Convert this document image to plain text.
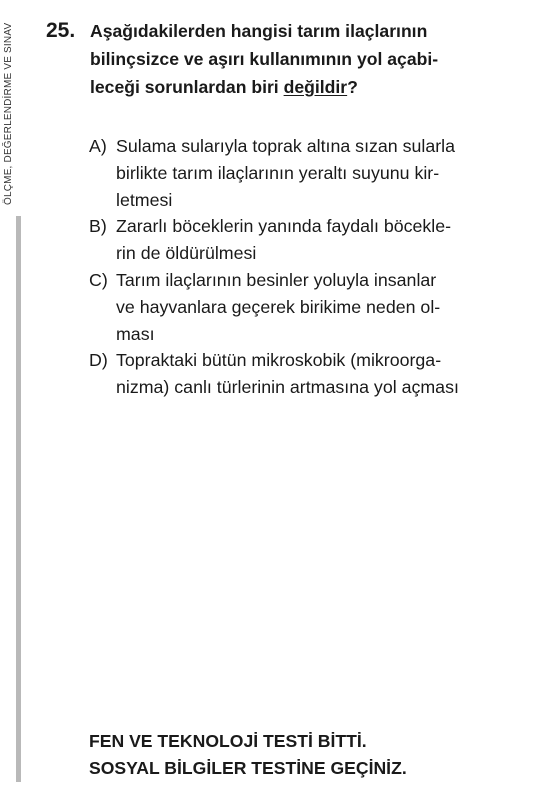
ÖLÇME, DEĞERLENDİRME VE SINAV 25. Aşağıdakilerden hangisi tarım ilaçlarının
bilinçsizce ve aşırı kullanımının yol açabi-
leceği sorunlardan biri değildir?
A) Sulama sularıyla toprak altına sızan sularla
birlikte tarım ilaçlarının yeraltı suyunu kir-
letmesi
B) Zararlı böceklerin yanında faydalı böcekle-
rin de öldürülmesi
C) Tarım ilaçlarının besinler yoluyla insanlar
ve hayvanlara geçerek birikime neden ol-
ması
D) Topraktaki bütün mikroskobik (mikroorga-
nizma) canlı türlerinin artmasına yol açması
FEN VE TEKNOLOJİ TESTİ BİTTİ.
SOSYAL BİLGİLER TESTİNE GEÇİNİZ.
